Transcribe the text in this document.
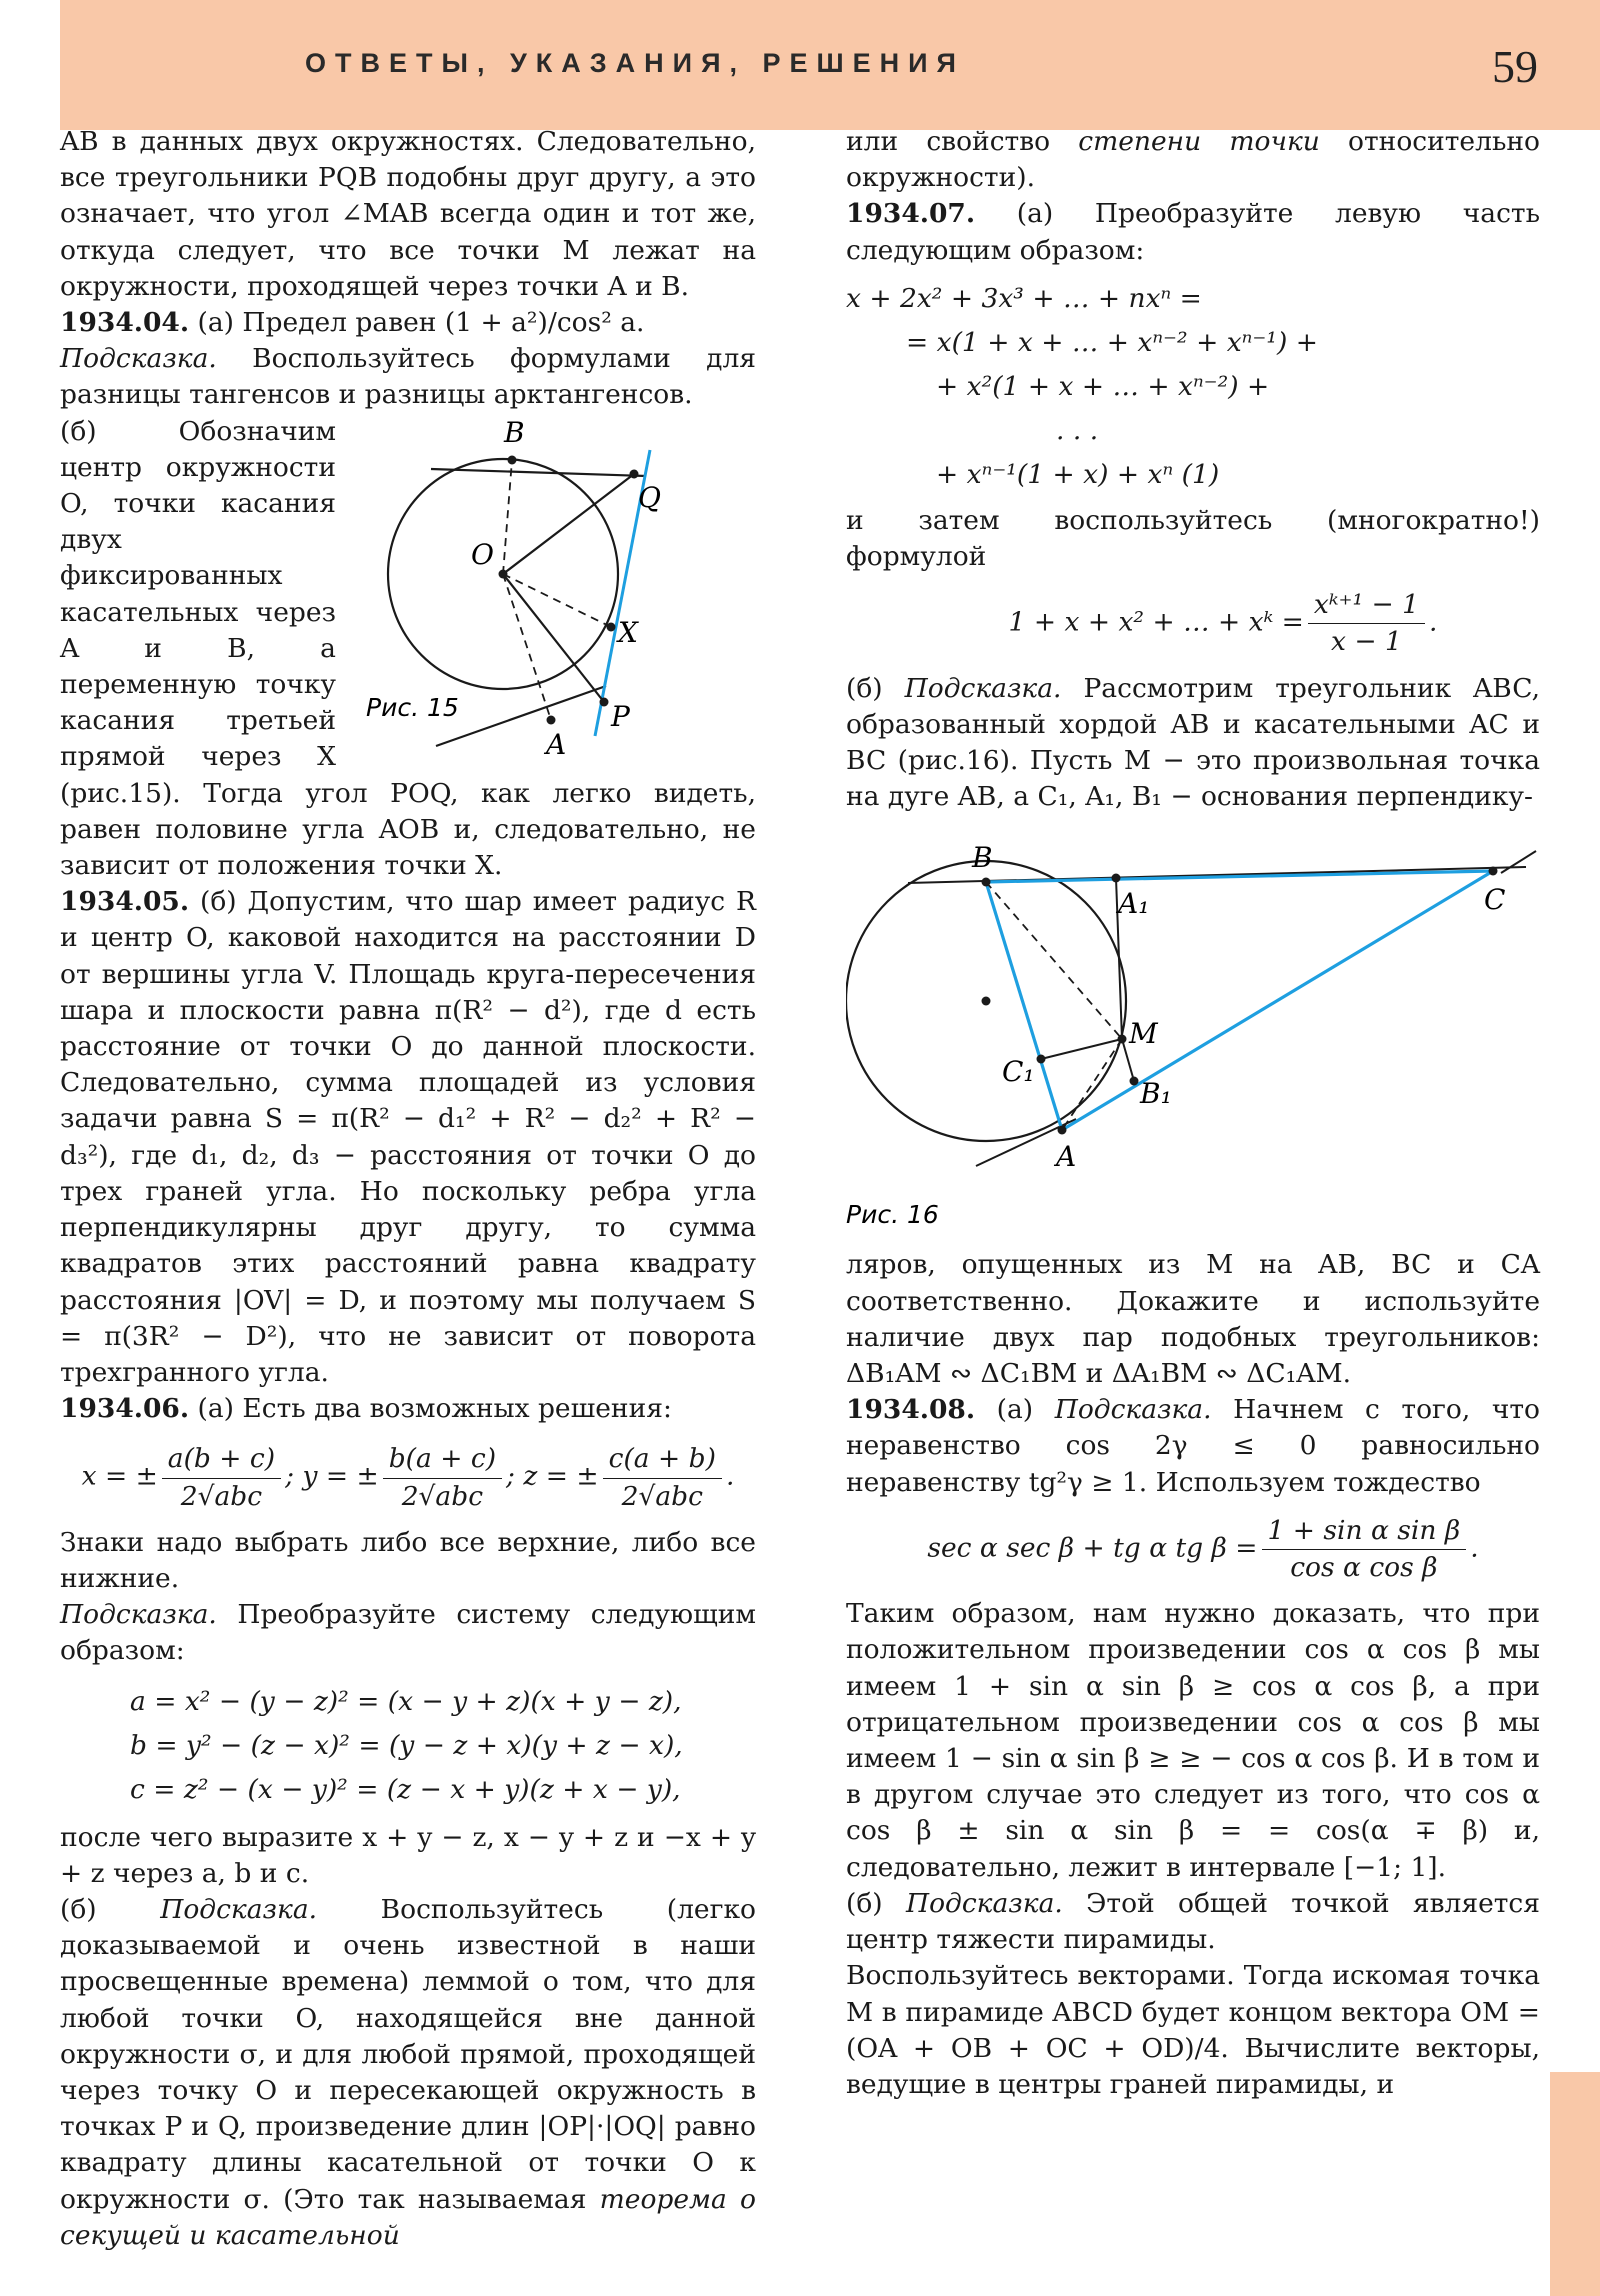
ОТВЕТЫ, УКАЗАНИЯ, РЕШЕНИЯ	59

AB в данных двух окружностях. Следовательно, все треугольники PQB подобны друг другу, а это означает, что угол ∠MAB всегда один и тот же, откуда следует, что все точки M лежат на окружности, проходящей через точки A и B.

1934.04. (а) Предел равен (1 + a²)/cos² a.

Подсказка. Воспользуйтесь формулами для разницы тангенсов и разницы арктангенсов.

B
Q
O
X
P
A
Рис. 15
(б) Обозначим центр окружности O, точки касания двух фиксированных касательных через A и B, а переменную точку касания третьей прямой через X (рис.15). Тогда угол POQ, как легко видеть, равен половине угла AOB и, следовательно, не зависит от положения точки X.

1934.05. (б) Допустим, что шар имеет радиус R и центр O, каковой находится на расстоянии D от вершины угла V. Площадь круга-пересечения шара и плоскости равна π(R² − d²), где d есть расстояние от точки O до данной плоскости. Следовательно, сумма площадей из условия задачи равна S = π(R² − d₁² + R² − d₂² + R² − d₃²), где d₁, d₂, d₃ − расстояния от точки O до трех граней угла. Но поскольку ребра угла перпендикулярны друг другу, то сумма квадратов этих расстояний равна квадрату расстояния |OV| = D, и поэтому мы получаем S = π(3R² − D²), что не зависит от поворота трехгранного угла.

1934.06. (а) Есть два возможных решения:

x = ± $\frac{a(b + c)}{\text{2√abc}}$ ; y = ± $\frac{b(a + c)}{\text{2√abc}}$ ; z = ± $\frac{c(a + b)}{\text{2√abc}}$ .

Знаки надо выбрать либо все верхние, либо все нижние.

Подсказка. Преобразуйте систему следующим образом:

a = x² − (y − z)² = (x − y + z)(x + y − z),
b = y² − (z − x)² = (y − z + x)(y + z − x),
c = z² − (x − y)² = (z − x + y)(z + x − y),

после чего выразите x + y − z, x − y + z и −x + y + z через a, b и c.

(б) Подсказка. Воспользуйтесь (легко доказываемой и очень известной в наши просвещенные времена) леммой о том, что для любой точки O, находящейся вне данной окружности σ, и для любой прямой, проходящей через точку O и пересекающей окружность в точках P и Q, произведение длин |OP|·|OQ| равно квадрату длины касательной от точки O к окружности σ. (Это так называемая теорема о секущей и касательной

или свойство степени точки относительно окружности).

1934.07. (а) Преобразуйте левую часть следующим образом:

x + 2x² + 3x³ + … + nxⁿ =
= x(1 + x + … + xⁿ⁻² + xⁿ⁻¹) +
+ x²(1 + x + … + xⁿ⁻²) +
. . .
+ xⁿ⁻¹(1 + x) + xⁿ (1)

и затем воспользуйтесь (многократно!) формулой

1 + x + x² + … + xᵏ = $\frac{\text{xᵏ⁺¹ − 1}}{x - 1}$ .

(б) Подсказка. Рассмотрим треугольник ABC, образованный хордой AB и касательными AC и BC (рис.16). Пусть M − это произвольная точка на дуге AB, а C₁, A₁, B₁ − основания перпендику-

B
C
A₁
M
C₁
B₁
A
Рис. 16

ляров, опущенных из M на AB, BC и CA соответственно. Докажите и используйте наличие двух пар подобных треугольников: ΔB₁AM ∾ ΔC₁BM и ΔA₁BM ∾ ΔC₁AM.

1934.08. (а) Подсказка. Начнем с того, что неравенство cos 2γ ≤ 0 равносильно неравенству tg²γ ≥ 1. Используем тождество

sec α sec β + tg α tg $\beta = \frac{\text{1 + sin α sin β}}{\text{cos α cos β}}$ .

Таким образом, нам нужно доказать, что при положительном произведении cos α cos β мы имеем 1 + sin α sin β ≥ cos α cos β, а при отрицательном произведении cos α cos β мы имеем 1 − sin α sin β ≥ ≥ − cos α cos β. И в том и в другом случае это следует из того, что cos α cos β ± sin α sin β = = cos(α ∓ β) и, следовательно, лежит в интервале [−1; 1].

(б) Подсказка. Этой общей точкой является центр тяжести пирамиды.

Воспользуйтесь векторами. Тогда искомая точка M в пирамиде ABCD будет концом вектора OM = (OA + OB + OC + OD)/4. Вычислите векторы, ведущие в центры граней пирамиды, и
